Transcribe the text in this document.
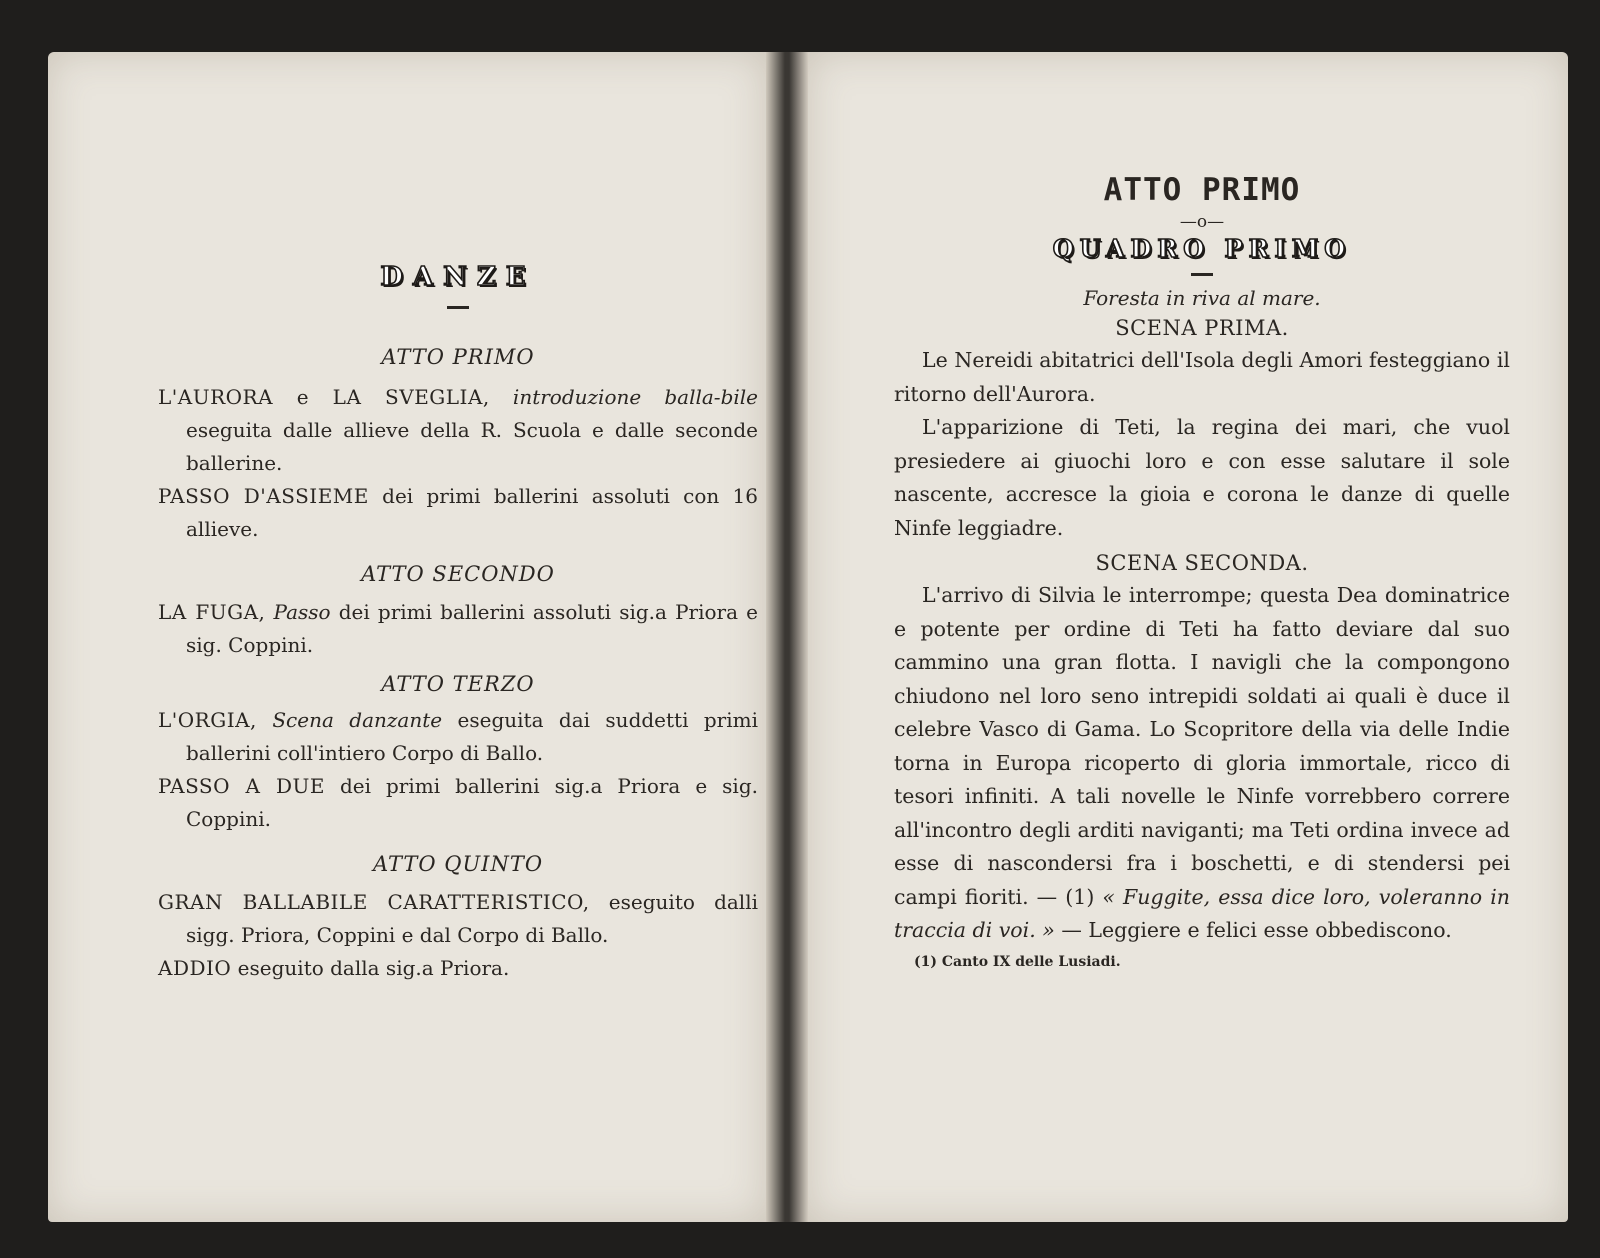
DANZE

ATTO PRIMO

L'AURORA e LA SVEGLIA, introduzione balla-bile eseguita dalle allieve della R. Scuola e dalle seconde ballerine.

PASSO D'ASSIEME dei primi ballerini assoluti con 16 allieve.

ATTO SECONDO

LA FUGA, Passo dei primi ballerini assoluti sig.a Priora e sig. Coppini.

ATTO TERZO

L'ORGIA, Scena danzante eseguita dai suddetti primi ballerini coll'intiero Corpo di Ballo.

PASSO A DUE dei primi ballerini sig.a Priora e sig. Coppini.

ATTO QUINTO

GRAN BALLABILE CARATTERISTICO, eseguito dalli sigg. Priora, Coppini e dal Corpo di Ballo.

ADDIO eseguito dalla sig.a Priora.

ATTO PRIMO
—o—
QUADRO PRIMO
Foresta in riva al mare.
SCENA PRIMA.

Le Nereidi abitatrici dell'Isola degli Amori festeggiano il ritorno dell'Aurora.

L'apparizione di Teti, la regina dei mari, che vuol presiedere ai giuochi loro e con esse salutare il sole nascente, accresce la gioia e corona le danze di quelle Ninfe leggiadre.

SCENA SECONDA.

L'arrivo di Silvia le interrompe; questa Dea dominatrice e potente per ordine di Teti ha fatto deviare dal suo cammino una gran flotta. I navigli che la compongono chiudono nel loro seno intrepidi soldati ai quali è duce il celebre Vasco di Gama. Lo Scopritore della via delle Indie torna in Europa ricoperto di gloria immortale, ricco di tesori infiniti. A tali novelle le Ninfe vorrebbero correre all'incontro degli arditi naviganti; ma Teti ordina invece ad esse di nascondersi fra i boschetti, e di stendersi pei campi fioriti. — (1) « Fuggite, essa dice loro, voleranno in traccia di voi. » — Leggiere e felici esse obbediscono.

(1) Canto IX delle Lusiadi.
